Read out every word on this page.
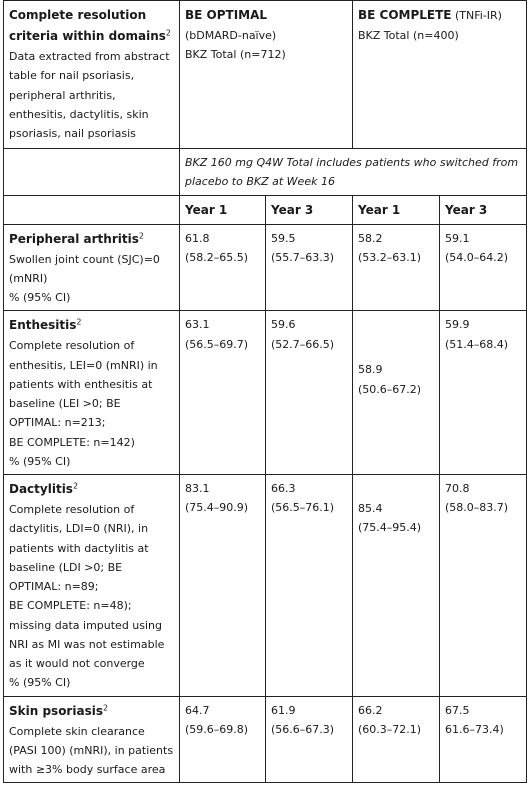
Complete resolution criteria within domains$^2$
Data extracted from abstract table for nail psoriasis, peripheral arthritis, enthesitis, dactylitis, skin psoriasis, nail psoriasis	BE OPTIMAL
(bDMARD-naïve)
BKZ Total (n=712)		BE COMPLETE (TNFi-IR)
BKZ Total (n=400)	
	BKZ 160 mg Q4W Total includes patients who switched from placebo to BKZ at Week 16			
	Year 1	Year 3	Year 1	Year 3
Peripheral arthritis$^2$
Swollen joint count (SJC)=0 (mNRI)
% (95% CI)	61.8
(58.2–65.5)	59.5
(55.7–63.3)	58.2
(53.2–63.1)	59.1
(54.0–64.2)
Enthesitis$^2$
Complete resolution of enthesitis, LEI=0 (mNRI) in patients with enthesitis at baseline (LEI >0; BE OPTIMAL: n=213;
BE COMPLETE: n=142)
% (95% CI)	63.1
(56.5–69.7)	59.6
(52.7–66.5)	58.9
(50.6–67.2)	59.9
(51.4–68.4)
Dactylitis$^2$
Complete resolution of dactylitis, LDI=0 (NRI), in patients with dactylitis at baseline (LDI >0; BE OPTIMAL: n=89;
BE COMPLETE: n=48); missing data imputed using NRI as MI was not estimable as it would not converge
% (95% CI)	83.1
(75.4–90.9)	66.3
(56.5–76.1)	85.4
(75.4–95.4)	70.8
(58.0–83.7)
Skin psoriasis$^2$
Complete skin clearance (PASI 100) (mNRI), in patients with ≥3% body surface area	64.7
(59.6–69.8)	61.9
(56.6–67.3)	66.2
(60.3–72.1)	67.5
61.6–73.4)
